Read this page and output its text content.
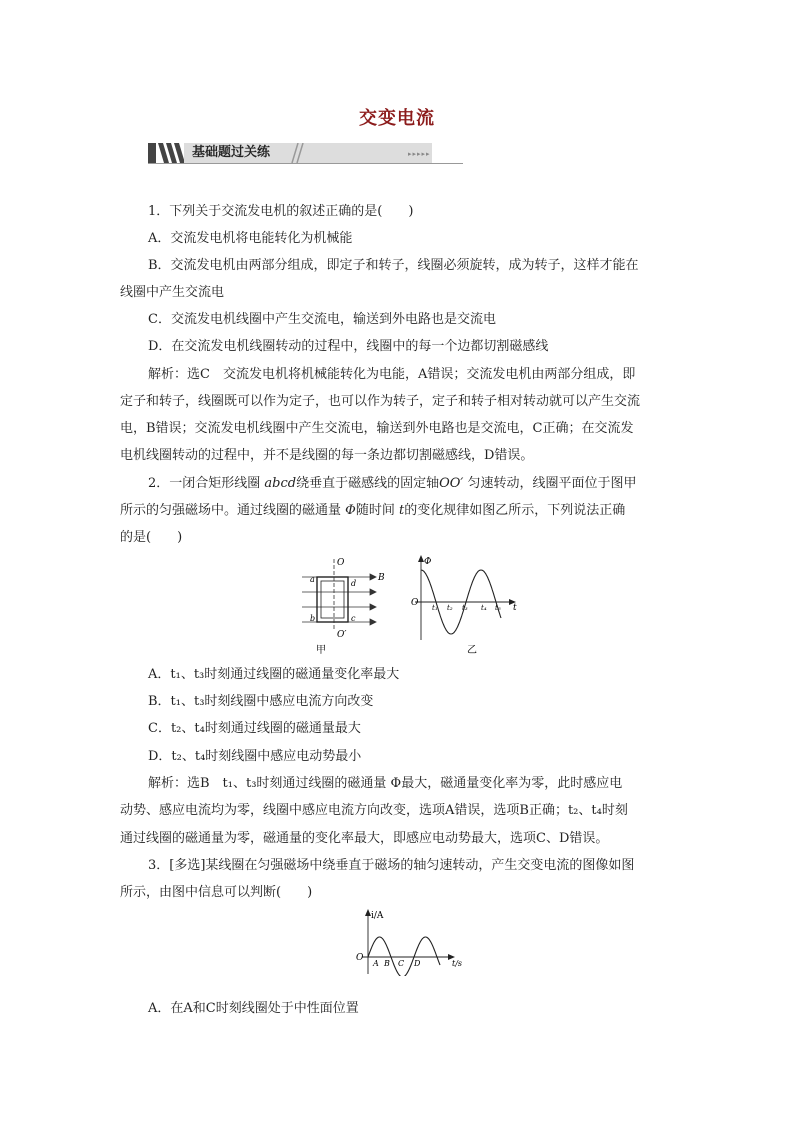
交变电流
基础题过关练	▸▸▸▸▸
1．下列关于交流发电机的叙述正确的是(　　)
A．交流发电机将电能转化为机械能
B．交流发电机由两部分组成，即定子和转子，线圈必须旋转，成为转子，这样才能在
线圈中产生交流电
C．交流发电机线圈中产生交流电，输送到外电路也是交流电
D．在交流发电机线圈转动的过程中，线圈中的每一个边都切割磁感线
解析：选C　交流发电机将机械能转化为电能，A错误；交流发电机由两部分组成，即
定子和转子，线圈既可以作为定子，也可以作为转子，定子和转子相对转动就可以产生交流
电，B错误；交流发电机线圈中产生交流电，输送到外电路也是交流电，C正确；在交流发
电机线圈转动的过程中，并不是线圈的每一条边都切割磁感线，D错误。
2．一闭合矩形线圈 abcd绕垂直于磁感线的固定轴OO′ 匀速转动，线圈平面位于图甲
所示的匀强磁场中。通过线圈的磁通量 Φ随时间 t的变化规律如图乙所示，下列说法正确
的是(　　)
O
O′
B
a
b	c
d
甲
Φ
O	t
t₁ t₂ t₃ t₄ t₅
乙
A．t₁、t₃时刻通过线圈的磁通量变化率最大
B．t₁、t₃时刻线圈中感应电流方向改变
C．t₂、t₄时刻通过线圈的磁通量最大
D．t₂、t₄时刻线圈中感应电动势最小
解析：选B　t₁、t₃时刻通过线圈的磁通量 Φ最大，磁通量变化率为零，此时感应电
动势、感应电流均为零，线圈中感应电流方向改变，选项A错误，选项B正确；t₂、t₄时刻
通过线圈的磁通量为零，磁通量的变化率最大，即感应电动势最大，选项C、D错误。
3．[多选]某线圈在匀强磁场中绕垂直于磁场的轴匀速转动，产生交变电流的图像如图
所示，由图中信息可以判断(　　)
i/A
O
t/s
A B C D
A．在A和C时刻线圈处于中性面位置
